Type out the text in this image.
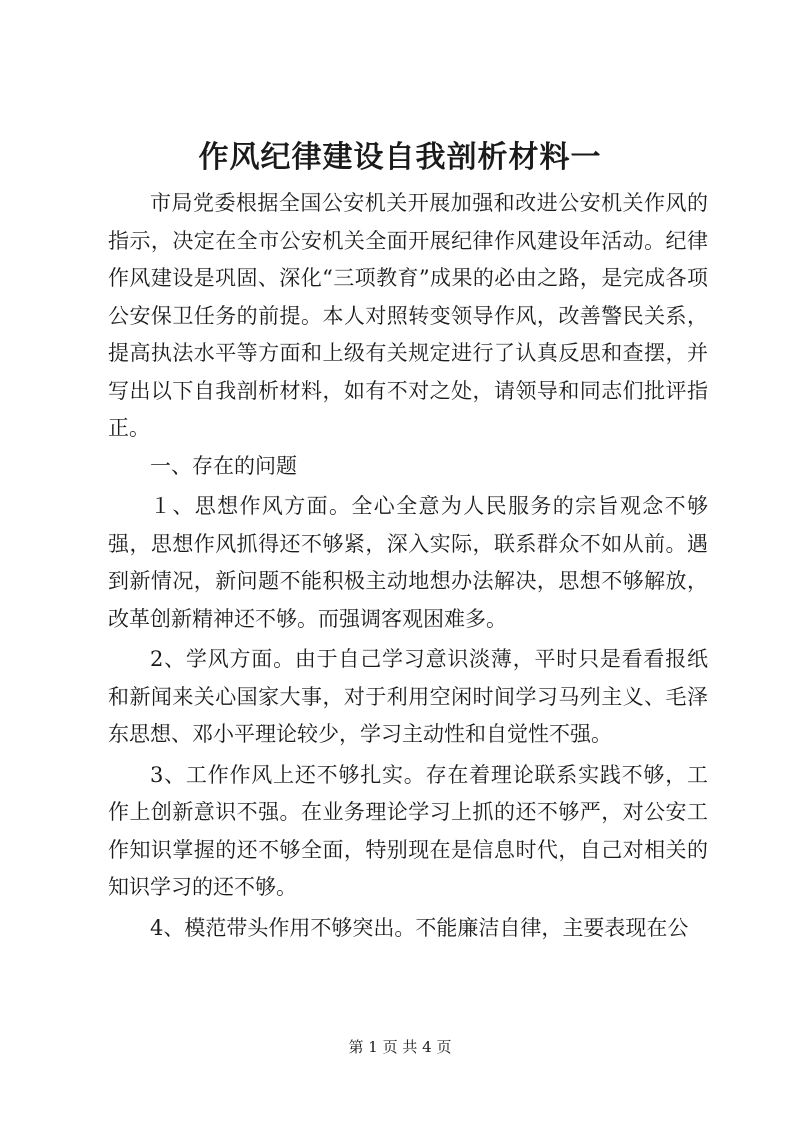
作风纪律建设自我剖析材料一

市局党委根据全国公安机关开展加强和改进公安机关作风的指示，决定在全市公安机关全面开展纪律作风建设年活动。纪律作风建设是巩固、深化“三项教育”成果的必由之路，是完成各项公安保卫任务的前提。本人对照转变领导作风，改善警民关系，提高执法水平等方面和上级有关规定进行了认真反思和查摆，并写出以下自我剖析材料，如有不对之处，请领导和同志们批评指正。

一、存在的问题

１、思想作风方面。全心全意为人民服务的宗旨观念不够强，思想作风抓得还不够紧，深入实际，联系群众不如从前。遇到新情况，新问题不能积极主动地想办法解决，思想不够解放，改革创新精神还不够。而强调客观困难多。

2、学风方面。由于自己学习意识淡薄，平时只是看看报纸和新闻来关心国家大事，对于利用空闲时间学习马列主义、毛泽东思想、邓小平理论较少，学习主动性和自觉性不强。

3、工作作风上还不够扎实。存在着理论联系实践不够，工作上创新意识不强。在业务理论学习上抓的还不够严，对公安工作知识掌握的还不够全面，特别现在是信息时代，自己对相关的知识学习的还不够。

4、模范带头作用不够突出。不能廉洁自律，主要表现在公

第 1 页 共 4 页
